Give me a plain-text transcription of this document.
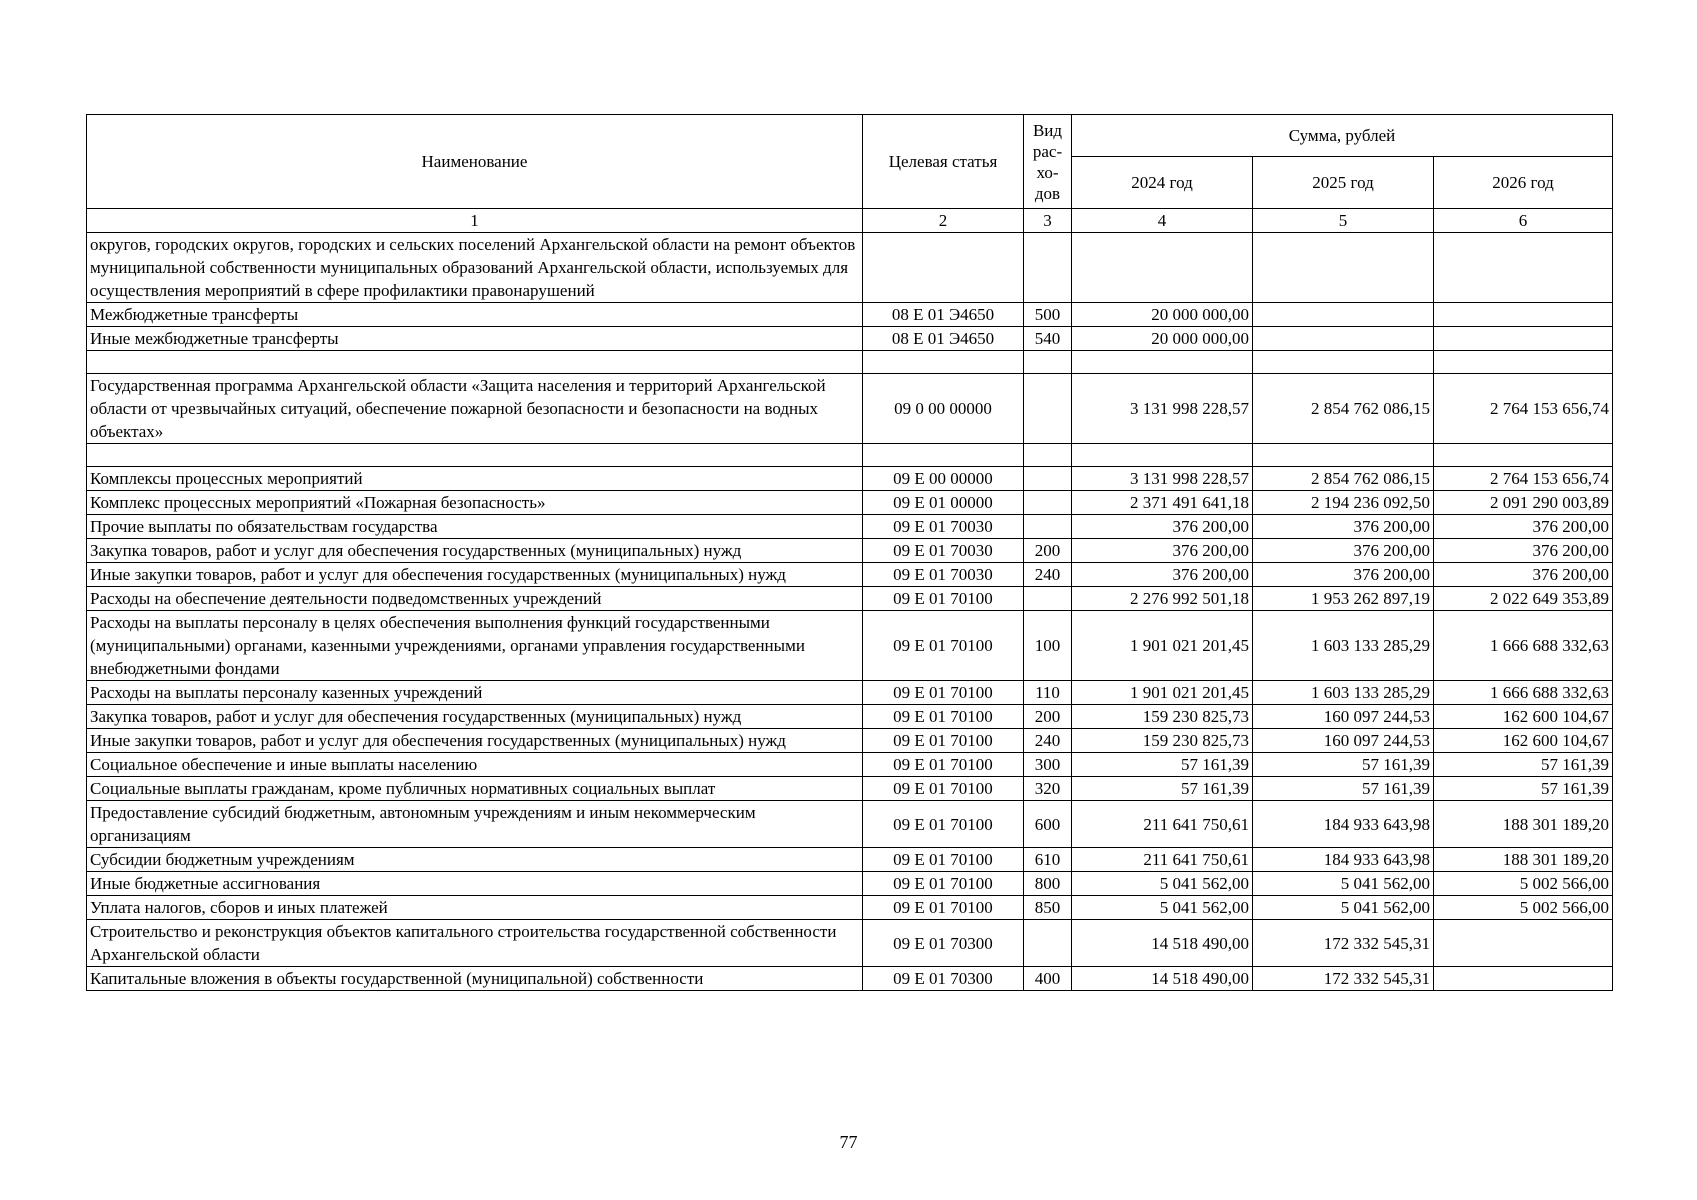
Наименование	Целевая статья	Вид рас-хо-дов	Сумма, рублей		
			2024 год	2025 год	2026 год
1	2	3	4	5	6
округов, городских округов, городских и сельских поселений Архангельской области на ремонт объектов муниципальной собственности муниципальных образований Архангельской области, используемых для осуществления мероприятий в сфере профилактики правонарушений					
Межбюджетные трансферты	08 Е 01 Э4650	500	20 000 000,00		
Иные межбюджетные трансферты	08 Е 01 Э4650	540	20 000 000,00		

Государственная программа Архангельской области «Защита населения и территорий Архангельской области от чрезвычайных ситуаций, обеспечение пожарной безопасности и безопасности на водных объектах»	09 0 00 00000		3 131 998 228,57	2 854 762 086,15	2 764 153 656,74

Комплексы процессных мероприятий	09 Е 00 00000		3 131 998 228,57	2 854 762 086,15	2 764 153 656,74
Комплекс процессных мероприятий «Пожарная безопасность»	09 Е 01 00000		2 371 491 641,18	2 194 236 092,50	2 091 290 003,89
Прочие выплаты по обязательствам государства	09 Е 01 70030		376 200,00	376 200,00	376 200,00
Закупка товаров, работ и услуг для обеспечения государственных (муниципальных) нужд	09 Е 01 70030	200	376 200,00	376 200,00	376 200,00
Иные закупки товаров, работ и услуг для обеспечения государственных (муниципальных) нужд	09 Е 01 70030	240	376 200,00	376 200,00	376 200,00
Расходы на обеспечение деятельности подведомственных учреждений	09 Е 01 70100		2 276 992 501,18	1 953 262 897,19	2 022 649 353,89
Расходы на выплаты персоналу в целях обеспечения выполнения функций государственными (муниципальными) органами, казенными учреждениями, органами управления государственными внебюджетными фондами	09 Е 01 70100	100	1 901 021 201,45	1 603 133 285,29	1 666 688 332,63
Расходы на выплаты персоналу казенных учреждений	09 Е 01 70100	110	1 901 021 201,45	1 603 133 285,29	1 666 688 332,63
Закупка товаров, работ и услуг для обеспечения государственных (муниципальных) нужд	09 Е 01 70100	200	159 230 825,73	160 097 244,53	162 600 104,67
Иные закупки товаров, работ и услуг для обеспечения государственных (муниципальных) нужд	09 Е 01 70100	240	159 230 825,73	160 097 244,53	162 600 104,67
Социальное обеспечение и иные выплаты населению	09 Е 01 70100	300	57 161,39	57 161,39	57 161,39
Социальные выплаты гражданам, кроме публичных нормативных социальных выплат	09 Е 01 70100	320	57 161,39	57 161,39	57 161,39
Предоставление субсидий бюджетным, автономным учреждениям и иным некоммерческим организациям	09 Е 01 70100	600	211 641 750,61	184 933 643,98	188 301 189,20
Субсидии бюджетным учреждениям	09 Е 01 70100	610	211 641 750,61	184 933 643,98	188 301 189,20
Иные бюджетные ассигнования	09 Е 01 70100	800	5 041 562,00	5 041 562,00	5 002 566,00
Уплата налогов, сборов и иных платежей	09 Е 01 70100	850	5 041 562,00	5 041 562,00	5 002 566,00
Строительство и реконструкция объектов капитального строительства государственной собственности Архангельской области	09 Е 01 70300		14 518 490,00	172 332 545,31	
Капитальные вложения в объекты государственной (муниципальной) собственности	09 Е 01 70300	400	14 518 490,00	172 332 545,31	
77
